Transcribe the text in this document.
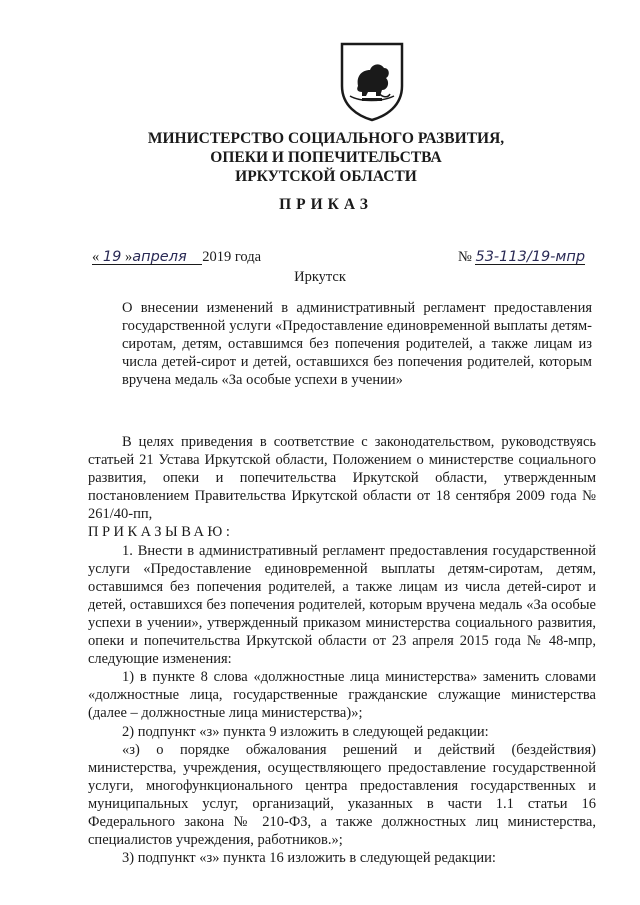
МИНИСТЕРСТВО СОЦИАЛЬНОГО РАЗВИТИЯ,
ОПЕКИ И ПОПЕЧИТЕЛЬСТВА
ИРКУТСКОЙ ОБЛАСТИ
ПРИКАЗ
« 19 »апреля 2019 года	№ 53-113/19-мпр
Иркутск
О внесении изменений в административный регламент предоставления государственной услуги «Предоставление единовременной выплаты детям-сиротам, детям, оставшимся без попечения родителей, а также лицам из числа детей-сирот и детей, оставшихся без попечения родителей, которым вручена медаль «За особые успехи в учении»

В целях приведения в соответствие с законодательством, руководствуясь статьей 21 Устава Иркутской области, Положением о министерстве социального развития, опеки и попечительства Иркутской области, утвержденным постановлением Правительства Иркутской области от 18 сентября 2009 года № 261/40-пп,

ПРИКАЗЫВАЮ:

1. Внести в административный регламент предоставления государственной услуги «Предоставление единовременной выплаты детям-сиротам, детям, оставшимся без попечения родителей, а также лицам из числа детей-сирот и детей, оставшихся без попечения родителей, которым вручена медаль «За особые успехи в учении», утвержденный приказом министерства социального развития, опеки и попечительства Иркутской области от 23 апреля 2015 года № 48-мпр, следующие изменения:

1) в пункте 8 слова «должностные лица министерства» заменить словами «должностные лица, государственные гражданские служащие министерства (далее – должностные лица министерства)»;

2) подпункт «з» пункта 9 изложить в следующей редакции:

«з) о порядке обжалования решений и действий (бездействия) министерства, учреждения, осуществляющего предоставление государственной услуги, многофункционального центра предоставления государственных и муниципальных услуг, организаций, указанных в части 1.1 статьи 16 Федерального закона № 210-ФЗ, а также должностных лиц министерства, специалистов учреждения, работников.»;

3) подпункт «з» пункта 16 изложить в следующей редакции:
